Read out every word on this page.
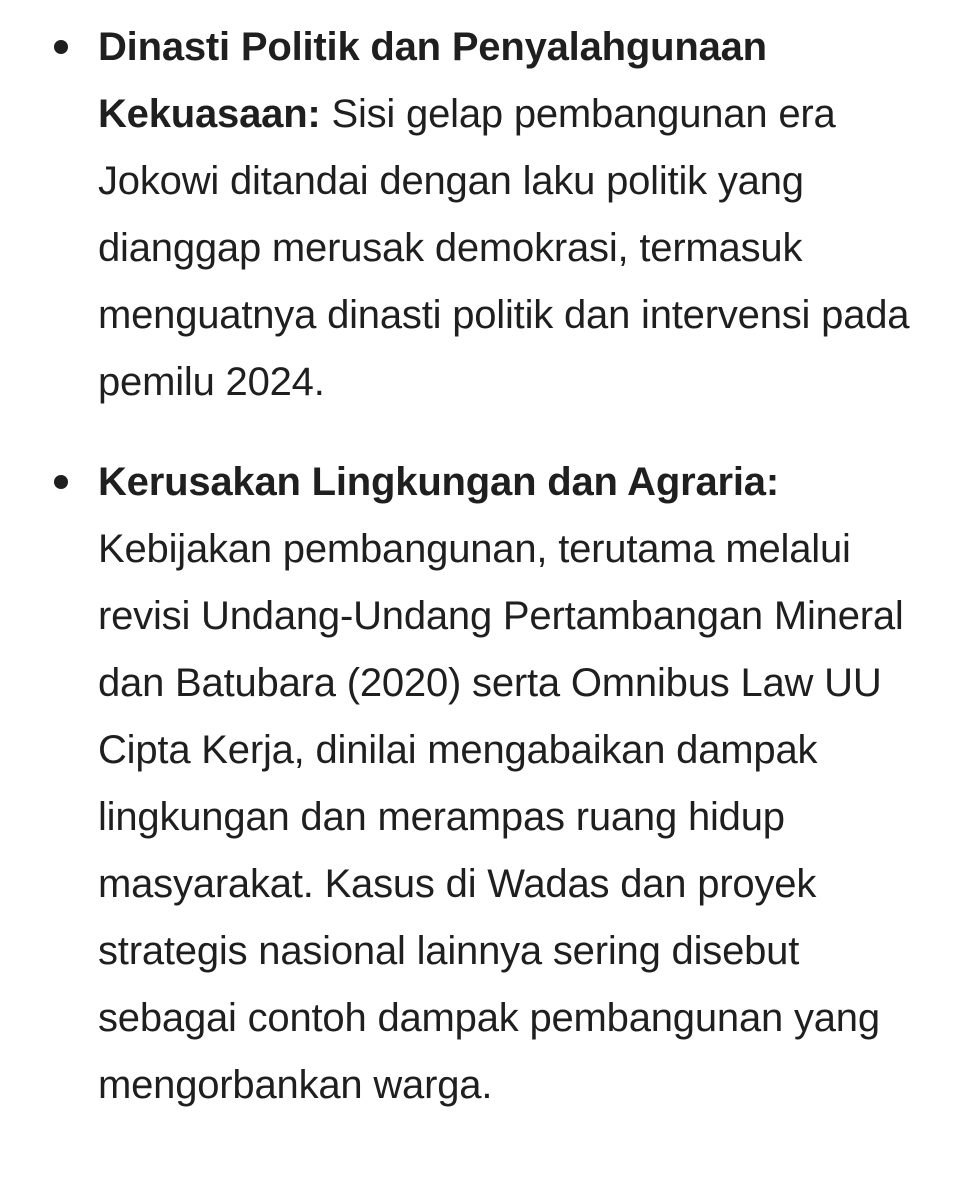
Dinasti Politik dan Penyalahgunaan Kekuasaan: Sisi gelap pembangunan era Jokowi ditandai dengan laku politik yang dianggap merusak demokrasi, termasuk menguatnya dinasti politik dan intervensi pada pemilu 2024.
Kerusakan Lingkungan dan Agraria: Kebijakan pembangunan, terutama melalui revisi Undang-Undang Pertambangan Mineral dan Batubara (2020) serta Omnibus Law UU Cipta Kerja, dinilai mengabaikan dampak lingkungan dan merampas ruang hidup masyarakat. Kasus di Wadas dan proyek strategis nasional lainnya sering disebut sebagai contoh dampak pembangunan yang mengorbankan warga.
